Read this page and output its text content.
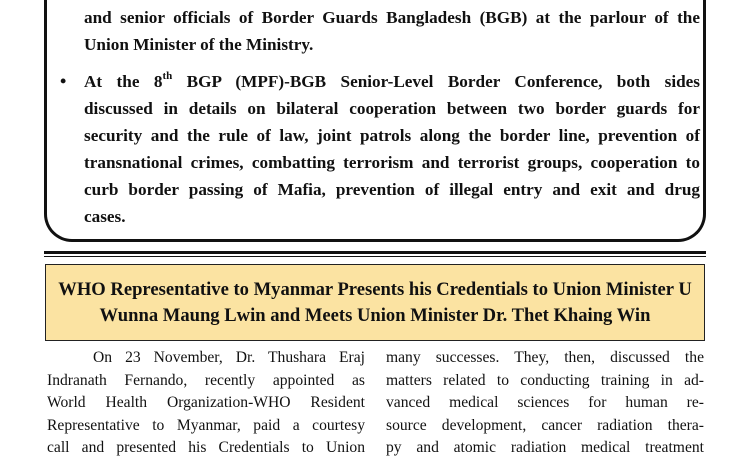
and senior officials of Border Guards Bangladesh (BGB) at the parlour of the
Union Minister of the Ministry.
• At the 8th BGP (MPF)-BGB Senior-Level Border Conference, both sides
discussed in details on bilateral cooperation between two border guards for
security and the rule of law, joint patrols along the border line, prevention of
transnational crimes, combatting terrorism and terrorist groups, cooperation to
curb border passing of Mafia, prevention of illegal entry and exit and drug
cases.
WHO Representative to Myanmar Presents his Credentials to Union Minister U
Wunna Maung Lwin and Meets Union Minister Dr. Thet Khaing Win
On 23 November, Dr. Thushara Eraj
Indranath Fernando, recently appointed as
World Health Organization-WHO Resident
Representative to Myanmar, paid a courtesy
call and presented his Credentials to Union
many successes. They, then, discussed the
matters related to conducting training in ad-
vanced medical sciences for human re-
source development, cancer radiation thera-
py and atomic radiation medical treatment
